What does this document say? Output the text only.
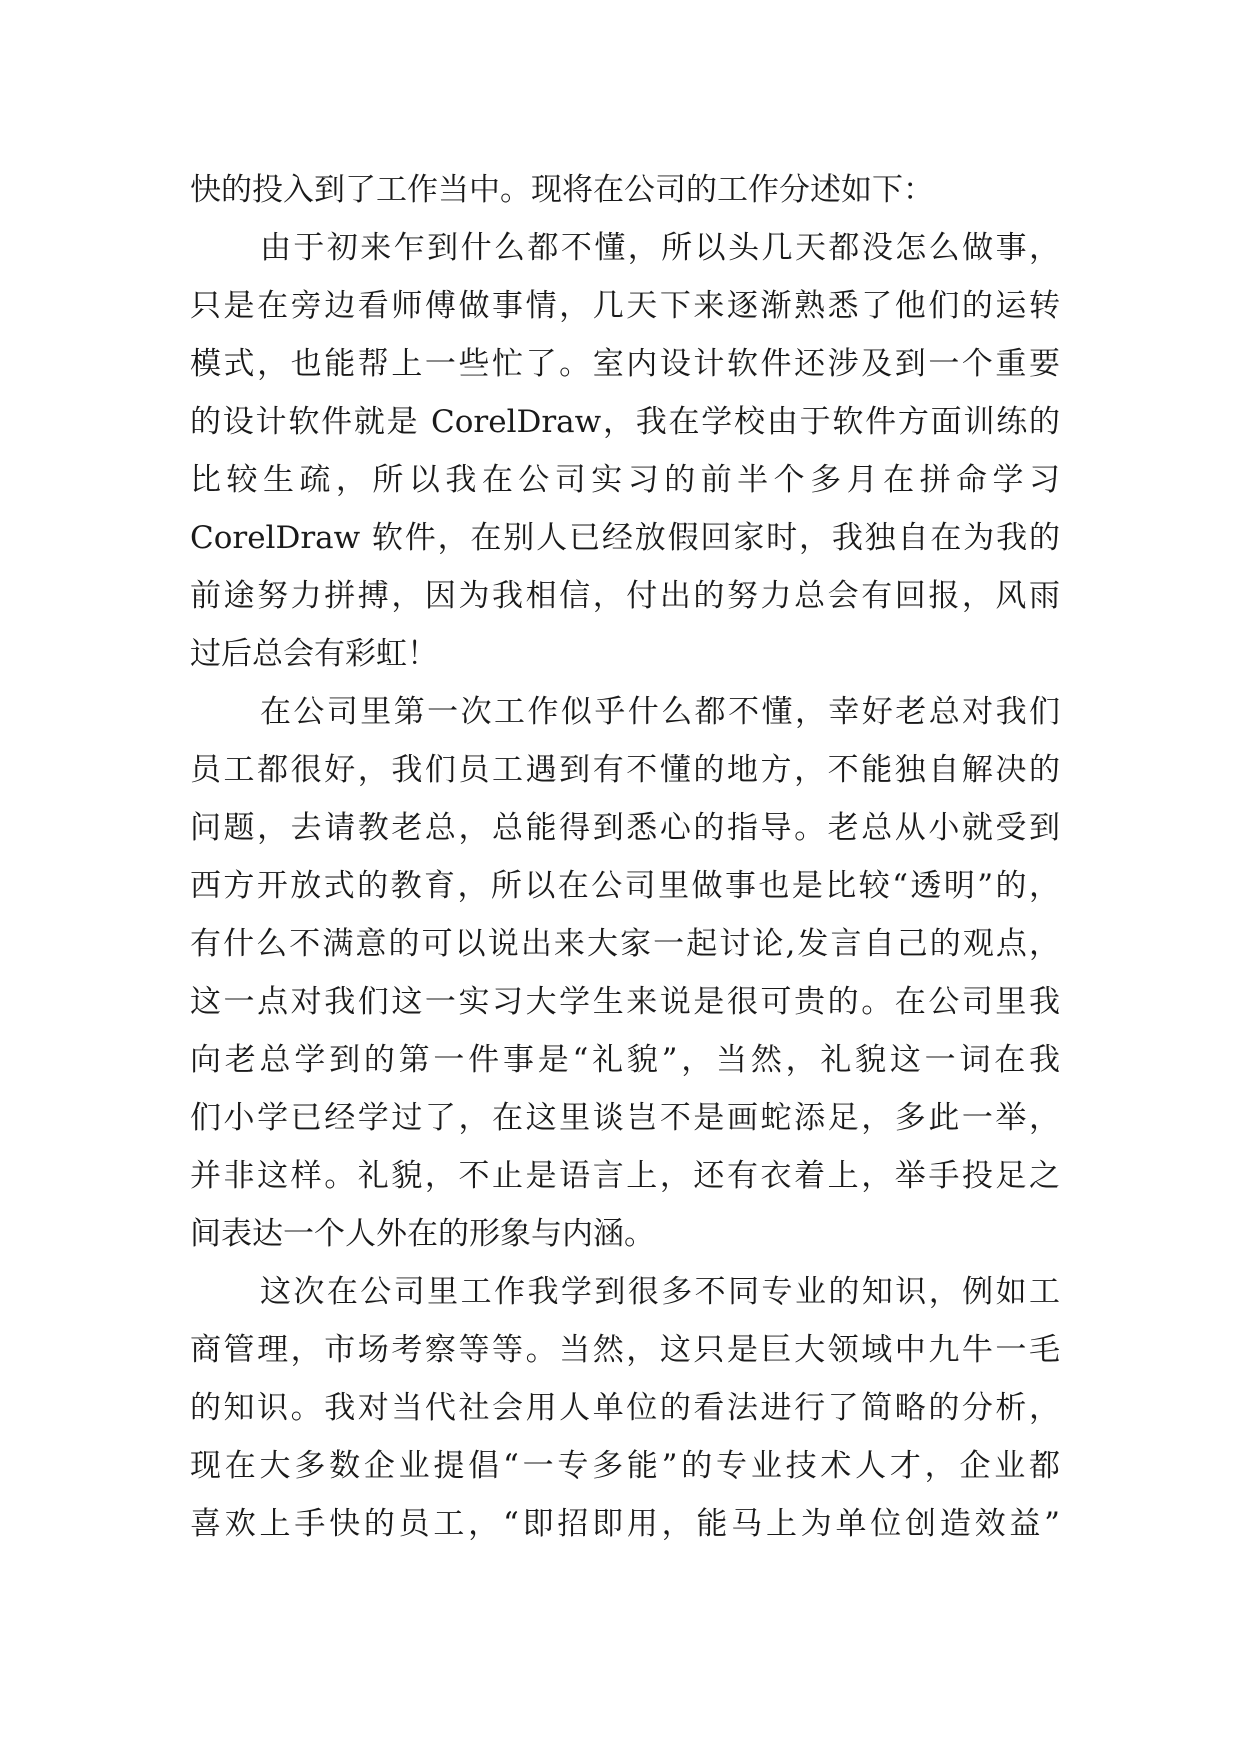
快的投入到了工作当中。现将在公司的工作分述如下：
由于初来乍到什么都不懂，所以头几天都没怎么做事，
只是在旁边看师傅做事情，几天下来逐渐熟悉了他们的运转
模式，也能帮上一些忙了。室内设计软件还涉及到一个重要
的设计软件就是 CorelDraw，我在学校由于软件方面训练的
比较生疏，所以我在公司实习的前半个多月在拼命学习
CorelDraw 软件，在别人已经放假回家时，我独自在为我的
前途努力拼搏，因为我相信，付出的努力总会有回报，风雨
过后总会有彩虹！
在公司里第一次工作似乎什么都不懂，幸好老总对我们
员工都很好，我们员工遇到有不懂的地方，不能独自解决的
问题，去请教老总，总能得到悉心的指导。老总从小就受到
西方开放式的教育，所以在公司里做事也是比较“透明”的，
有什么不满意的可以说出来大家一起讨论,发言自己的观点，
这一点对我们这一实习大学生来说是很可贵的。在公司里我
向老总学到的第一件事是“礼貌”，当然，礼貌这一词在我
们小学已经学过了，在这里谈岂不是画蛇添足，多此一举，
并非这样。礼貌，不止是语言上，还有衣着上，举手投足之
间表达一个人外在的形象与内涵。
这次在公司里工作我学到很多不同专业的知识，例如工
商管理，市场考察等等。当然，这只是巨大领域中九牛一毛
的知识。我对当代社会用人单位的看法进行了简略的分析，
现在大多数企业提倡“一专多能”的专业技术人才，企业都
喜欢上手快的员工，“即招即用，能马上为单位创造效益”
